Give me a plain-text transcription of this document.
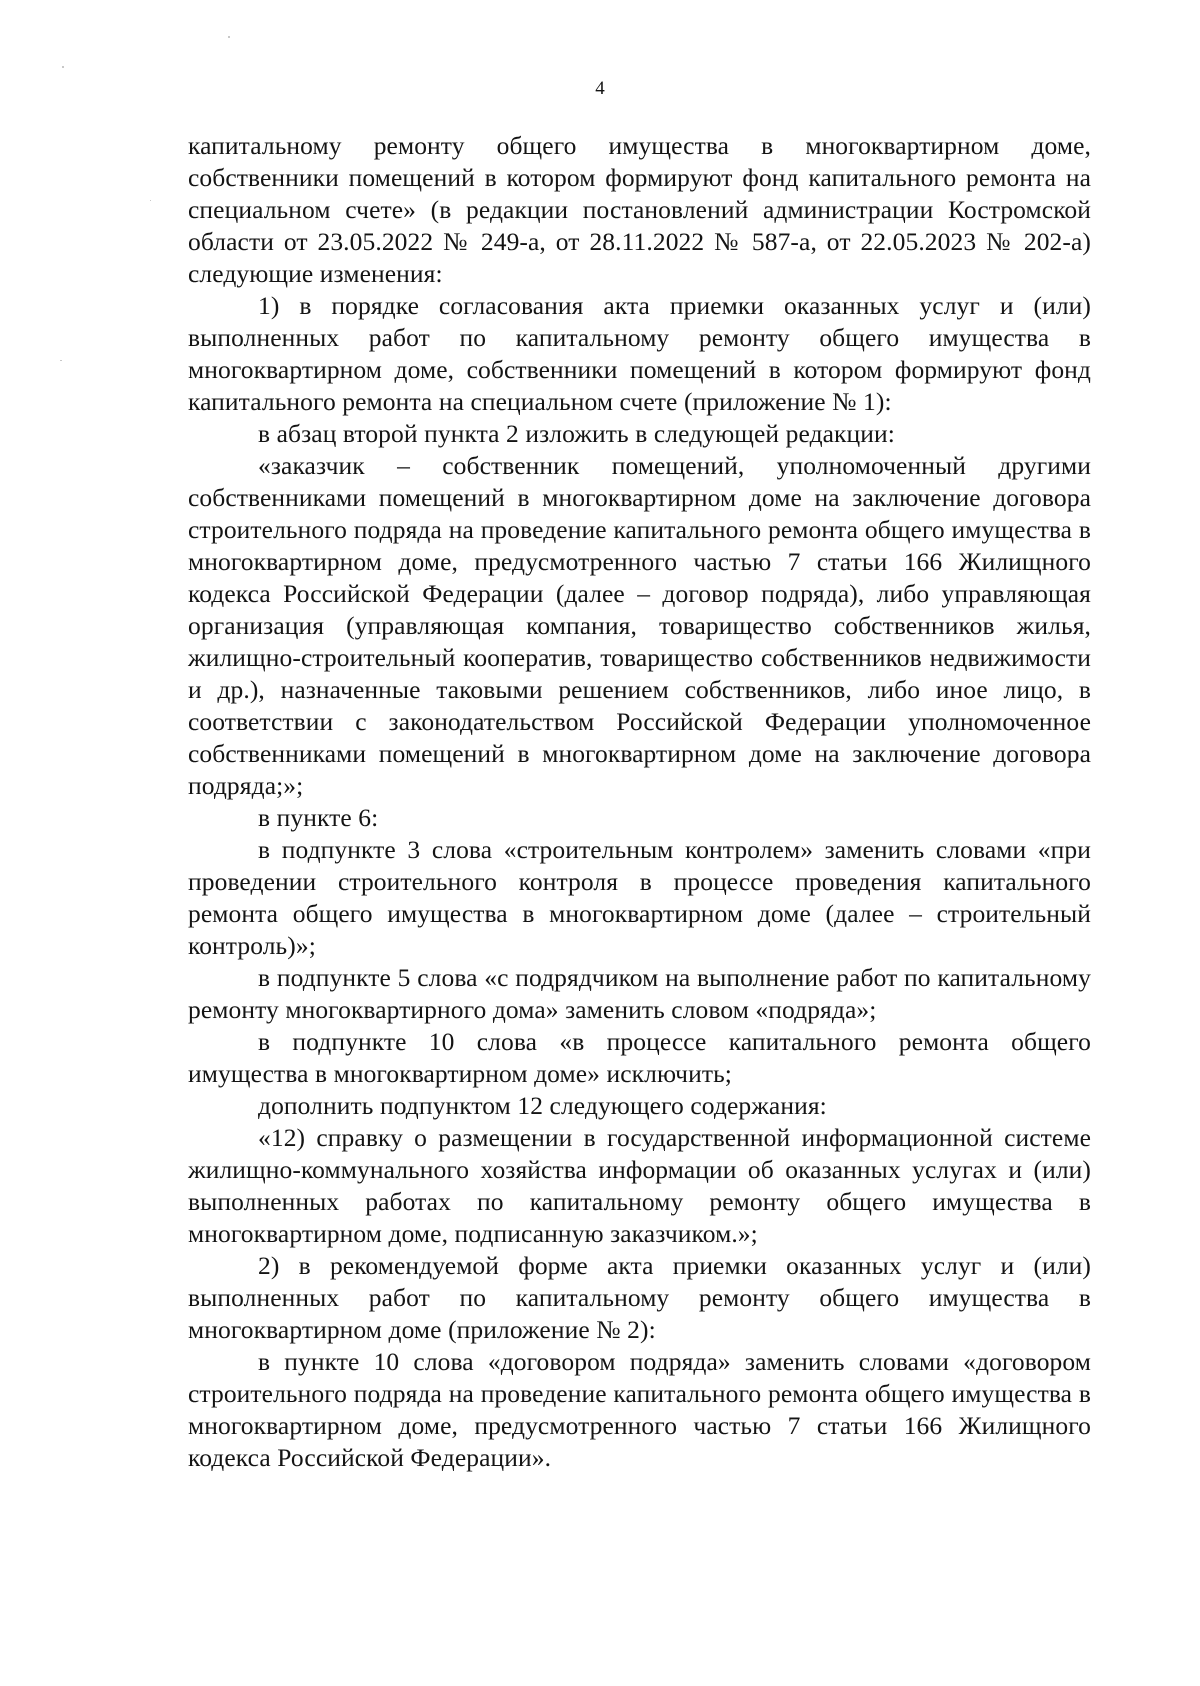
4

капитальному ремонту общего имущества в многоквартирном доме, собственники помещений в котором формируют фонд капитального ремонта на специальном счете» (в редакции постановлений администрации Костромской области от 23.05.2022 № 249-а, от 28.11.2022 № 587-а, от 22.05.2023 № 202-а) следующие изменения:

1) в порядке согласования акта приемки оказанных услуг и (или) выполненных работ по капитальному ремонту общего имущества в многоквартирном доме, собственники помещений в котором формируют фонд капитального ремонта на специальном счете (приложение № 1):

в абзац второй пункта 2 изложить в следующей редакции:

«заказчик – собственник помещений, уполномоченный другими собственниками помещений в многоквартирном доме на заключение договора строительного подряда на проведение капитального ремонта общего имущества в многоквартирном доме, предусмотренного частью 7 статьи 166 Жилищного кодекса Российской Федерации (далее – договор подряда), либо управляющая организация (управляющая компания, товарищество собственников жилья, жилищно-строительный кооператив, товарищество собственников недвижимости и др.), назначенные таковыми решением собственников, либо иное лицо, в соответствии с законодательством Российской Федерации уполномоченное собственниками помещений в многоквартирном доме на заключение договора подряда;»;

в пункте 6:

в подпункте 3 слова «строительным контролем» заменить словами «при проведении строительного контроля в процессе проведения капитального ремонта общего имущества в многоквартирном доме (далее – строительный контроль)»;

в подпункте 5 слова «с подрядчиком на выполнение работ по капитальному ремонту многоквартирного дома» заменить словом «подряда»;

в подпункте 10 слова «в процессе капитального ремонта общего имущества в многоквартирном доме» исключить;

дополнить подпунктом 12 следующего содержания:

«12) справку о размещении в государственной информационной системе жилищно-коммунального хозяйства информации об оказанных услугах и (или) выполненных работах по капитальному ремонту общего имущества в многоквартирном доме, подписанную заказчиком.»;

2) в рекомендуемой форме акта приемки оказанных услуг и (или) выполненных работ по капитальному ремонту общего имущества в многоквартирном доме (приложение № 2):

в пункте 10 слова «договором подряда» заменить словами «договором строительного подряда на проведение капитального ремонта общего имущества в многоквартирном доме, предусмотренного частью 7 статьи 166 Жилищного кодекса Российской Федерации».
